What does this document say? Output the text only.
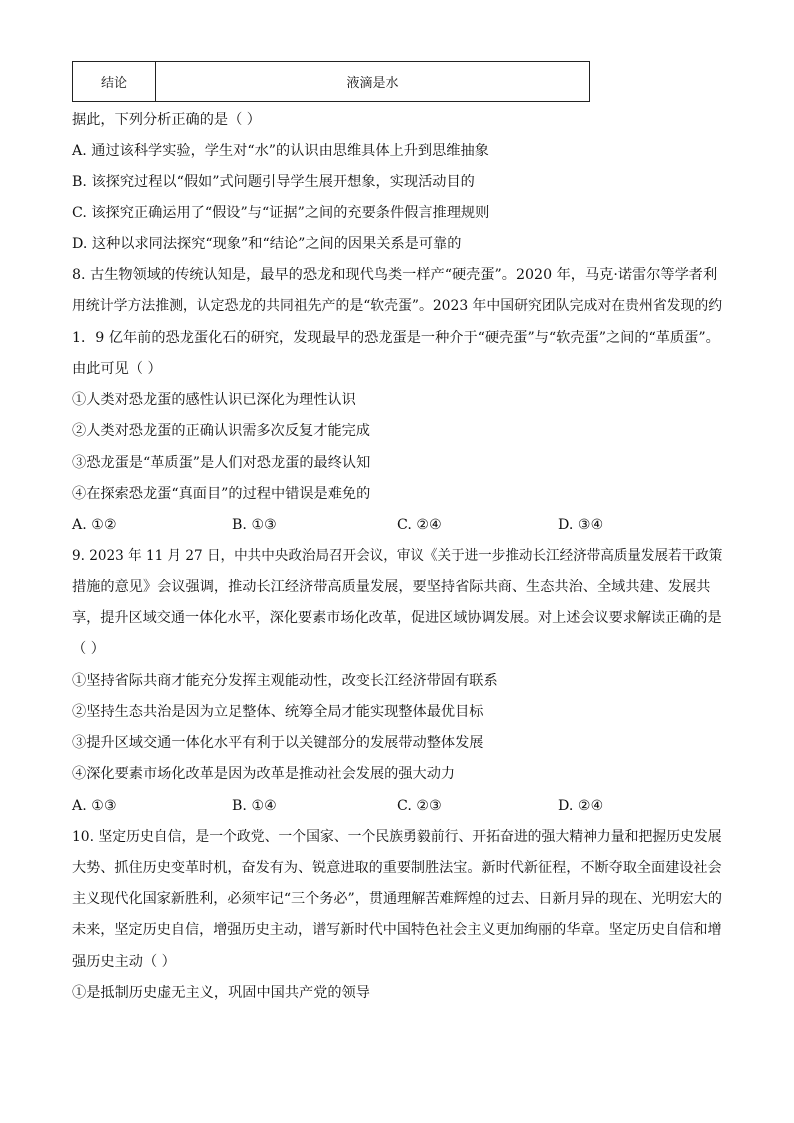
结论	液滴是水
据此，下列分析正确的是（ ）
A. 通过该科学实验，学生对“水”的认识由思维具体上升到思维抽象
B. 该探究过程以“假如”式问题引导学生展开想象，实现活动目的
C. 该探究正确运用了“假设”与“证据”之间的充要条件假言推理规则
D. 这种以求同法探究“现象”和“结论”之间的因果关系是可靠的
8. 古生物领域的传统认知是，最早的恐龙和现代鸟类一样产“硬壳蛋”。2020 年，马克·诺雷尔等学者利
用统计学方法推测，认定恐龙的共同祖先产的是“软壳蛋”。2023 年中国研究团队完成对在贵州省发现的约
1．9 亿年前的恐龙蛋化石的研究，发现最早的恐龙蛋是一种介于“硬壳蛋”与“软壳蛋”之间的“革质蛋”。
由此可见（ ）
①人类对恐龙蛋的感性认识已深化为理性认识
②人类对恐龙蛋的正确认识需多次反复才能完成
③恐龙蛋是“革质蛋”是人们对恐龙蛋的最终认知
④在探索恐龙蛋“真面目”的过程中错误是难免的
A. ①②	B. ①③	C. ②④	D. ③④
9. 2023 年 11 月 27 日，中共中央政治局召开会议，审议《关于进一步推动长江经济带高质量发展若干政策
措施的意见》会议强调，推动长江经济带高质量发展，要坚持省际共商、生态共治、全域共建、发展共
享，提升区域交通一体化水平，深化要素市场化改革，促进区域协调发展。对上述会议要求解读正确的是
（ ）
①坚持省际共商才能充分发挥主观能动性，改变长江经济带固有联系
②坚持生态共治是因为立足整体、统筹全局才能实现整体最优目标
③提升区域交通一体化水平有利于以关键部分的发展带动整体发展
④深化要素市场化改革是因为改革是推动社会发展的强大动力
A. ①③	B. ①④	C. ②③	D. ②④
10. 坚定历史自信，是一个政党、一个国家、一个民族勇毅前行、开拓奋进的强大精神力量和把握历史发展
大势、抓住历史变革时机，奋发有为、锐意进取的重要制胜法宝。新时代新征程，不断夺取全面建设社会
主义现代化国家新胜利，必须牢记“三个务必”，贯通理解苦难辉煌的过去、日新月异的现在、光明宏大的
未来，坚定历史自信，增强历史主动，谱写新时代中国特色社会主义更加绚丽的华章。坚定历史自信和增
强历史主动（ ）
①是抵制历史虚无主义，巩固中国共产党的领导
